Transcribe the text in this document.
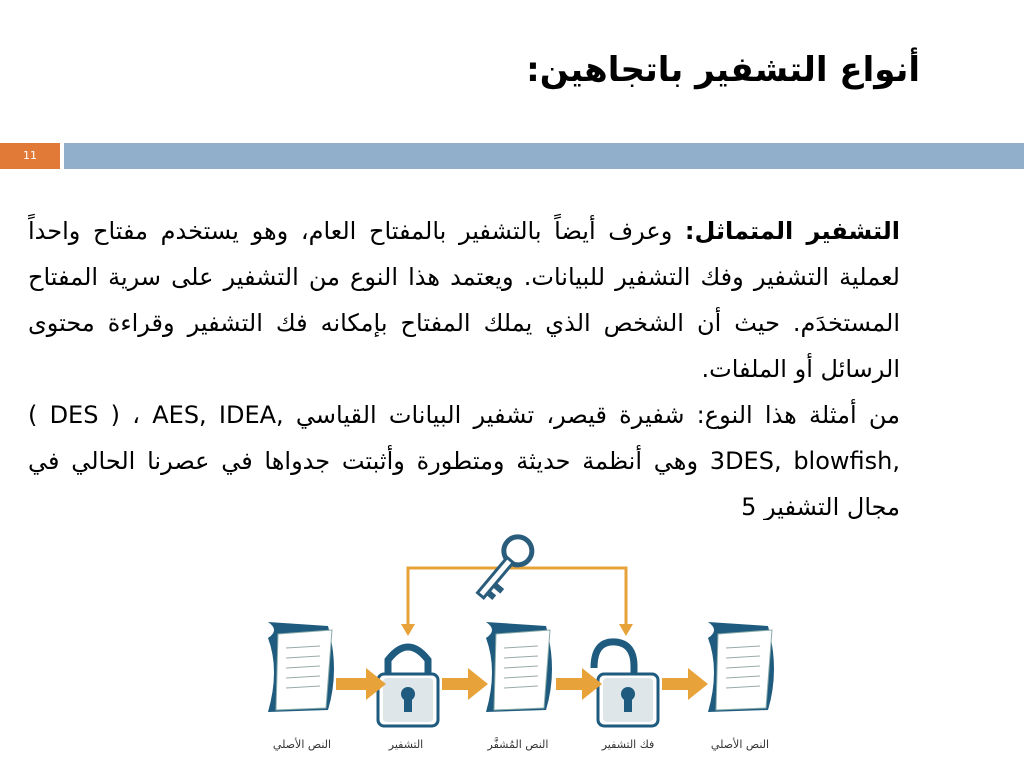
أنواع التشفير باتجاهين:
11

التشفير المتماثل: وعرف أيضاً بالتشفير بالمفتاح العام، وهو يستخدم مفتاح واحداً لعملية التشفير وفك التشفير للبيانات. ويعتمد هذا النوع من التشفير على سرية المفتاح المستخدَم. حيث أن الشخص الذي يملك المفتاح بإمكانه فك التشفير وقراءة محتوى الرسائل أو الملفات.

من أمثلة هذا النوع: شفيرة قيصر، تشفير البيانات القياسي ( DES ) ، AES, IDEA, 3DES, blowfish, وهي أنظمة حديثة ومتطورة وأثبتت جدواها في عصرنا الحالي في مجال التشفير 5

النص الأصلي	التشفير	النص المُشفَّر	فك التشفير	النص الأصلي
